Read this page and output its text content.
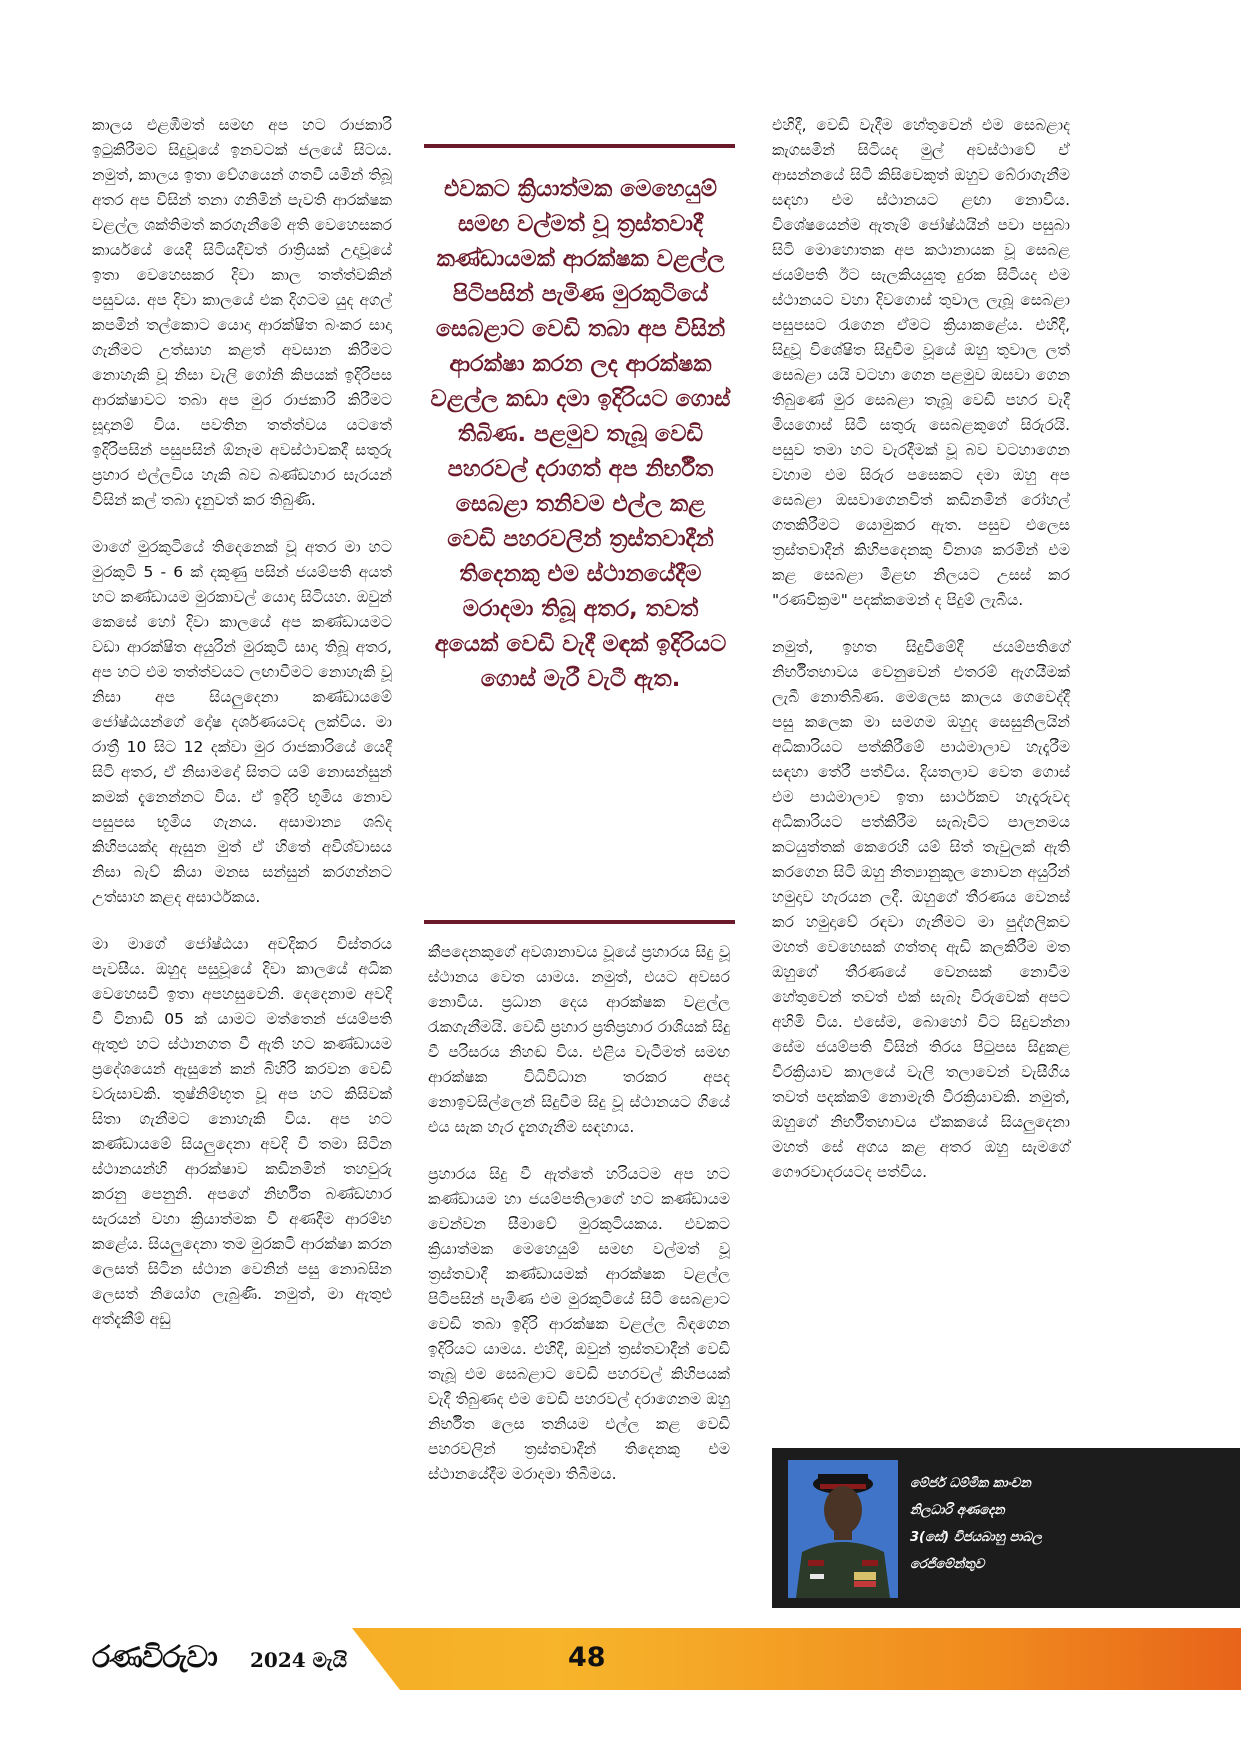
කාලය එළඹීමත් සමඟ අප හට රාජකාරි ඉටුකිරීමට සිදුවූයේ ඉනවටක් ජලයේ සිටය. නමුත්, කාලය ඉතා වේගයෙන් ගතවී යමින් තිබූ අතර අප විසින් තනා ගනිමින් පැවති ආරක්ෂක වළල්ල ශක්තිමත් කරගැනීමේ අති වෙහෙසකර කාර්යයේ යෙදී සිටියදීවත් රාත්‍රියක් උදාවූයේ ඉතා වෙහෙසකර දිවා කාල තත්ත්වකින් පසුවය. අප දිවා කාලයේ එක දිගටම යුද අගල් කපමින් තල්කොට යොදා ආරක්ෂිත බංකර සාදා ගැනීමට උත්සාහ කළත් අවසාන කිරීමට නොහැකි වූ නිසා වැලි ගෝනි කිපයක් ඉදිරිපස ආරක්ෂාවට තබා අප මුර රාජකාරි කිරීමට සූදානම් විය. පවතින තත්ත්වය යටතේ ඉදිරිපසින් පසුපසින් ඕනෑම අවස්ථාවකදී සතුරු ප්‍රහාර එල්ලවිය හැකි බව බණ්ඩහාර සැරයන් විසින් කල් තබා දැනුවත් කර තිබුණි.

මාගේ මුරකුටියේ තිදෙනෙක් වූ අතර මා හට මුරකුටි 5 - 6 ක් දකුණු පසින් ජයම්පති අයත් හට කණ්ඩායම මුරකාවල් යොදා සිටියහ. ඔවුන් කෙසේ හෝ දිවා කාලයේ අප කණ්ඩායමට වඩා ආරක්ෂිත අයුරින් මුරකුටි සාදා තිබූ අතර, අප හට එම තත්ත්වයට ලඟාවීමට නොහැකි වූ නිසා අප සියලුදෙනා කණ්ඩායමේ ජෝෂ්ඨයන්ගේ දෝෂ දර්ශණයටද ලක්විය. මා රාත්‍රී 10 සිට 12 දක්වා මුර රාජකාරියේ යෙදී සිටි අතර, ඒ නිසාමදෝ සිතට යම් නොසන්සුන් කමක් දැනෙන්නට විය. ඒ ඉදිරි භූමිය නොව පසුපස භූමිය ගැනය. අසාමාන්‍ය ශබ්ද කිහිපයක්ද ඇසුන මුත් ඒ හිතේ අවිශ්වාසය නිසා බැව් කියා මනස සන්සුන් කරගන්නට උත්සාහ කළද අසාර්ථකය.

මා මාගේ ජෝෂ්ඨයා අවදිකර විස්තරය පැවසීය. ඔහුද පසුවූයේ දිවා කාලයේ අධික වෙහෙසවී ඉතා අපහසුවෙනි. දෙදෙනාම අවදි වී විනාඩි 05 ක් යාමට මත්තෙන් ජයම්පති ඇතුළු හට ස්ථානගත වී ඇති හට කණ්ඩායම ප්‍රදේශයෙන් ඇසුනේ කන් බිහිරි කරවන වෙඩි වරුසාවකි. තුෂ්නිම්භූත වූ අප හට කිසිවක් සිතා ගැනීමට නොහැකි විය. අප හට කණ්ඩායමේ සියලුදෙනා අවදි වී තමා සිටින ස්ථානයන්හි ආරක්ෂාව කඩිනමින් තහවුරු කරනු පෙනුනි. අපගේ නිර්භීත බණ්ඩහාර සැරයන් වහා ක්‍රියාත්මක වී අණදීම ආරම්භ කළේය. සියලුදෙනා තම මුරකටි ආරක්ෂා කරන ලෙසත් සිටින ස්ථාන වෙනින් පසු නොබසින ලෙසත් නියෝග ලැබුණි. නමුත්, මා ඇතුළු අත්දැකීම් අඩු

එවකට ක්‍රියාත්මක මෙහෙයුම් සමඟ වල්මත් වූ ත්‍රස්තවාදී කණ්ඩායමක් ආරක්ෂක වළල්ල පිටිපසින් පැමිණ මුරකුටියේ සෙබළාට වෙඩි තබා අප විසින් ආරක්ෂා කරන ලද ආරක්ෂක වළල්ල කඩා දමා ඉදිරියට ගොස් තිබිණ. පළමුව තැබූ වෙඩි පහරවල් දරාගත් අප නිර්භීත සෙබළා තනිවම එල්ල කළ වෙඩි පහරවලින් ත්‍රස්තවාදීන් තිදෙනකු එම ස්ථානයේදීම මරාදමා තිබූ අතර, තවත් අයෙක් වෙඩි වැදී මඳක් ඉදිරියට ගොස් මැරී වැටී ඇත.

කීපදෙනකුගේ අවශානාවය වූයේ ප්‍රහාරය සිදු වූ ස්ථානය වෙත යාමය. නමුත්, එයට අවසර නොවීය. ප්‍රධාන දෙය ආරක්ෂක වළල්ල රැකගැනීමයි. වෙඩි ප්‍රහාර ප්‍රතිප්‍රහාර රාශියක් සිදු වී පරිසරය නිහඬ විය. එළිය වැටීමත් සමඟ ආරක්ෂක විධිවිධාන තරකර අපද නොඉවසිල්ලෙන් සිදුවීම සිදු වූ ස්ථානයට ගියේ එය සැක හැර දැනගැනීම සඳහාය.

ප්‍රහාරය සිදු වී ඇත්තේ හරියටම අප හට කණ්ඩායම හා ජයම්පතිලාගේ හට කණ්ඩායම වෙන්වන සීමාවේ මුරකුටියකය. එවකට ක්‍රියාත්මක මෙහෙයුම් සමඟ වල්මත් වූ ත්‍රස්තවාදී කණ්ඩායමක් ආරක්ෂක වළල්ල පිටිපසින් පැමිණ එම මුරකුටියේ සිටි සෙබළාට වෙඩි තබා ඉදිරි ආරක්ෂක වළල්ල බිඳගෙන ඉදිරියට යාමය. එහිදී, ඔවුන් ත්‍රස්තවාදීන් වෙඩි තැබූ එම සෙබළාට වෙඩි පහරවල් කිහිපයක් වැදී තිබුණද එම වෙඩි පහරවල් දරාගෙනම ඔහු නිර්භීත ලෙස තනියම එල්ල කළ වෙඩි පහරවලින් ත්‍රස්තවාදීන් තිදෙනකු එම ස්ථානයේදීම මරාදමා තිබීමය.

එහිදී, වෙඩි වැදීම හේතුවෙන් එම සෙබළාද කැගසමින් සිටියද මුල් අවස්ථාවේ ඒ ආසන්නයේ සිටි කිසිවෙකුත් ඔහුව බේරාගැනීම සඳහා එම ස්ථානයට ළඟා නොවීය. විශේෂයෙන්ම ඇතැම් ජෝෂ්ඨයින් පවා පසුබා සිටි මොහොතක අප කථානායක වූ සෙබළ ජයම්පති ඊට සැලකියයුතු දුරක සිටියද එම ස්ථානයට වහා දිවගොස් තුවාල ලැබූ සෙබළා පසුපසට රැගෙන ඒමට ක්‍රියාකළේය. එහිදී, සිදුවූ විශේෂිත සිදුවීම වූයේ ඔහු තුවාල ලත් සෙබළා යයි වටහා ගෙන පළමුව ඔසවා ගෙන තිබුණේ මුර සෙබළා තැබූ වෙඩි පහර වැදී මියගොස් සිටි සතුරු සෙබළකුගේ සිරුරයි. පසුව තමා හට වැරදීමක් වූ බව වටහාගෙන වහාම එම සිරුර පසෙකට දමා ඔහු අප සෙබළා ඔසවාගෙනවිත් කඩිනමින් රෝහල් ගතකිරීමට යොමුකර ඇත. පසුව එලෙස ත්‍රස්තවාදීන් කිහිපදෙනකු විනාශ කරමින් එම කළ සෙබළා මීළඟ නිලයට උසස් කර "රණවික්‍රම" පදක්කමෙන් ද පිදුම් ලැබීය.

නමුත්, ඉහත සිදුවීමේදී ජයම්පතිගේ නිර්භීතභාවය වෙනුවෙන් එතරම් ඇගයීමක් ලැබී නොතිබිණ. මෙලෙස කාලය ගෙවෙද්දී පසු කලෙක මා සමගම ඔහුද සෙසුනිලයින් අධිකාරියට පත්කිරීමේ පාඨමාලාව හැදෑරීම සඳහා තේරී පත්විය. දියතලාව වෙත ගොස් එම පාඨමාලාව ඉතා සාර්ථකව හැදෑරුවද අධිකාරියට පත්කිරීම සැබෑවිට පාලනමය කටයුත්තක් කෙරෙහි යම් සිත් තැවුලක් ඇති කරගෙන සිටි ඔහු නිත්‍යානුකූල නොවන අයුරින් හමුදාව හැරයන ලදී. ඔහුගේ තීරණය වෙනස් කර හමුදාවේ රඳවා ගැනීමට මා පුද්ගලිකව මහත් වෙහෙසක් ගත්තද ඇඩි කලකිරීම මත ඔහුගේ තීරණයේ වෙනසක් නොවීම හේතුවෙන් තවත් එක් සැබෑ විරුවෙක් අපට අහිමි විය. එසේම, බොහෝ විට සිදුවන්නා සේම ජයම්පති විසින් තිරය පිටුපස සිදුකළ වීරක්‍රියාව කාලයේ වැලි තලාවෙන් වැසීගිය තවත් පදක්කම් නොමැති වීරක්‍රියාවකි. නමුත්, ඔහුගේ නිර්භීතභාවය ඒකකයේ සියලුදෙනා මහත් සේ අගය කළ අතර ඔහු සැමගේ ගෞරවාදරයටද පත්විය.

මේජර් ධම්මික කාංචන
නිලධාරි අණදෙන
3(සේ) විජයබාහු පාබල
රෙජිමේන්තුව
රණවිරුවා 2024 මැයි	48
